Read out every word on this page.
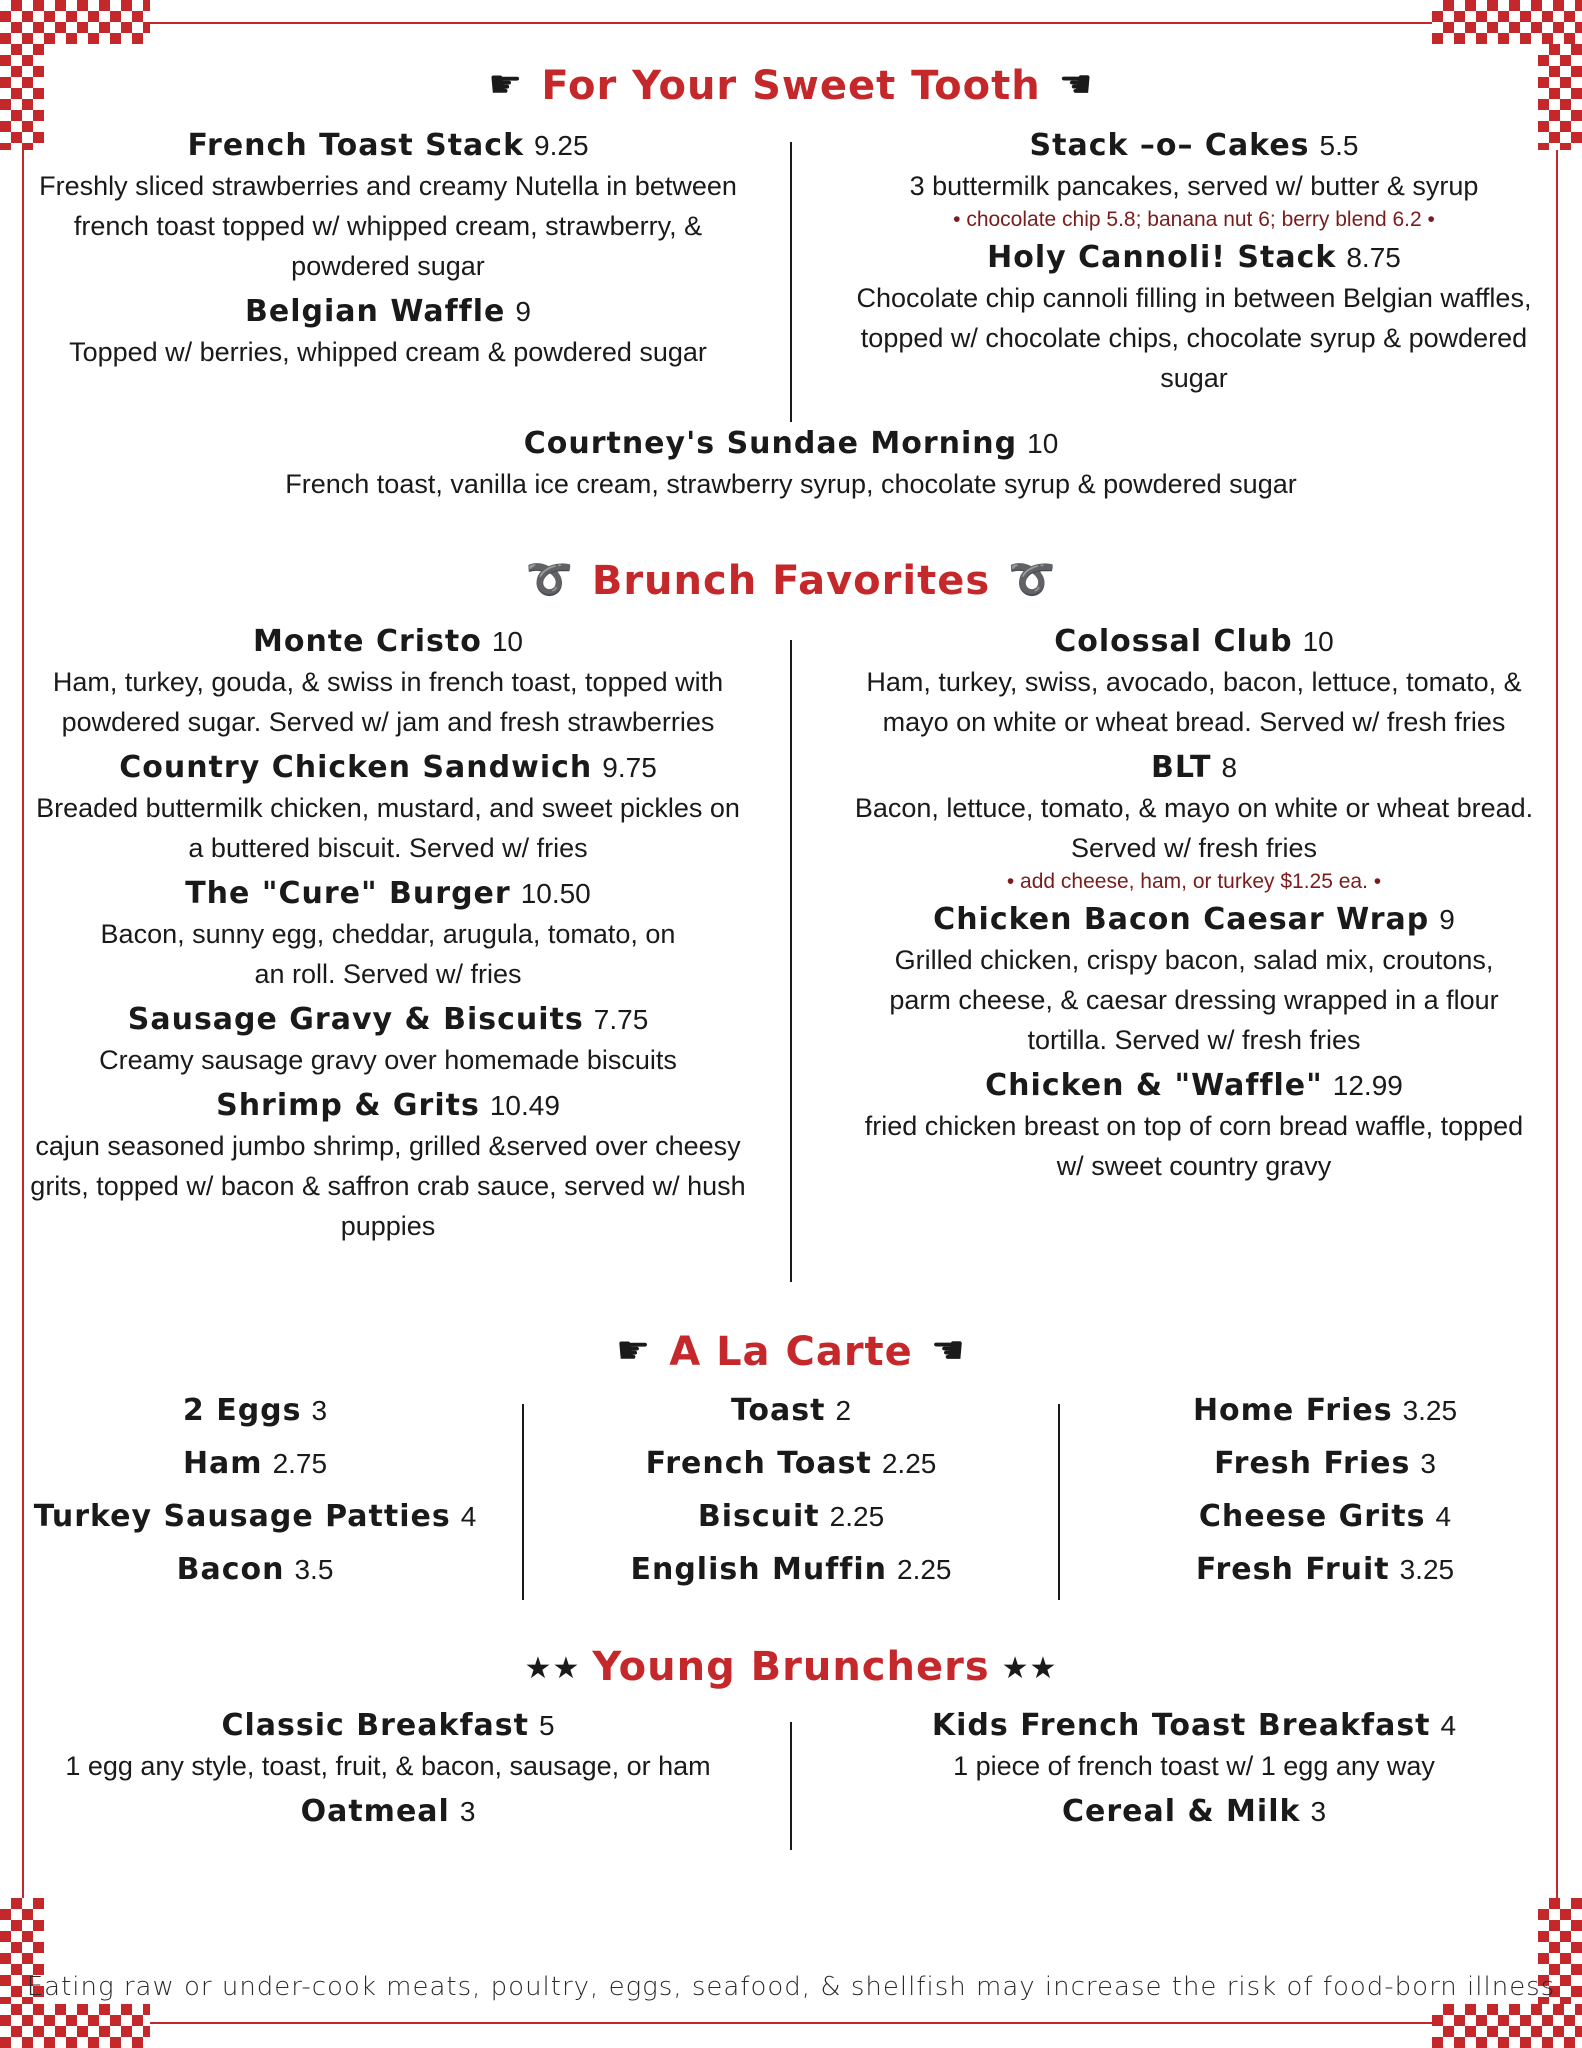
☛ For Your Sweet Tooth ☚
French Toast Stack 9.25
Freshly sliced strawberries and creamy Nutella in between french toast topped w/ whipped cream, strawberry, & powdered sugar
Belgian Waffle 9
Topped w/ berries, whipped cream & powdered sugar
Stack –o– Cakes 5.5
3 buttermilk pancakes, served w/ butter & syrup
• chocolate chip 5.8; banana nut 6; berry blend 6.2 •
Holy Cannoli! Stack 8.75
Chocolate chip cannoli filling in between Belgian waffles, topped w/ chocolate chips, chocolate syrup & powdered sugar
Courtney's Sundae Morning 10
French toast, vanilla ice cream, strawberry syrup, chocolate syrup & powdered sugar
➰ Brunch Favorites ➰
Monte Cristo 10
Ham, turkey, gouda, & swiss in french toast, topped with powdered sugar. Served w/ jam and fresh strawberries
Country Chicken Sandwich 9.75
Breaded buttermilk chicken, mustard, and sweet pickles on a buttered biscuit. Served w/ fries
The "Cure" Burger 10.50
Bacon, sunny egg, cheddar, arugula, tomato, on an roll. Served w/ fries
Sausage Gravy & Biscuits 7.75
Creamy sausage gravy over homemade biscuits
Shrimp & Grits 10.49
cajun seasoned jumbo shrimp, grilled &served over cheesy grits, topped w/ bacon & saffron crab sauce, served w/ hush puppies
Colossal Club 10
Ham, turkey, swiss, avocado, bacon, lettuce, tomato, & mayo on white or wheat bread. Served w/ fresh fries
BLT 8
Bacon, lettuce, tomato, & mayo on white or wheat bread. Served w/ fresh fries
• add cheese, ham, or turkey $1.25 ea. •
Chicken Bacon Caesar Wrap 9
Grilled chicken, crispy bacon, salad mix, croutons, parm cheese, & caesar dressing wrapped in a flour tortilla. Served w/ fresh fries
Chicken & "Waffle" 12.99
fried chicken breast on top of corn bread waffle, topped w/ sweet country gravy
☛ A La Carte ☚
2 Eggs 3
Ham 2.75
Turkey Sausage Patties 4
Bacon 3.5
Toast 2
French Toast 2.25
Biscuit 2.25
English Muffin 2.25
Home Fries 3.25
Fresh Fries 3
Cheese Grits 4
Fresh Fruit 3.25
★★ Young Brunchers ★★
Classic Breakfast 5
1 egg any style, toast, fruit, & bacon, sausage, or ham
Oatmeal 3
Kids French Toast Breakfast 4
1 piece of french toast w/ 1 egg any way
Cereal & Milk 3
Eating raw or under-cook meats, poultry, eggs, seafood, & shellfish may increase the risk of food-born illness
